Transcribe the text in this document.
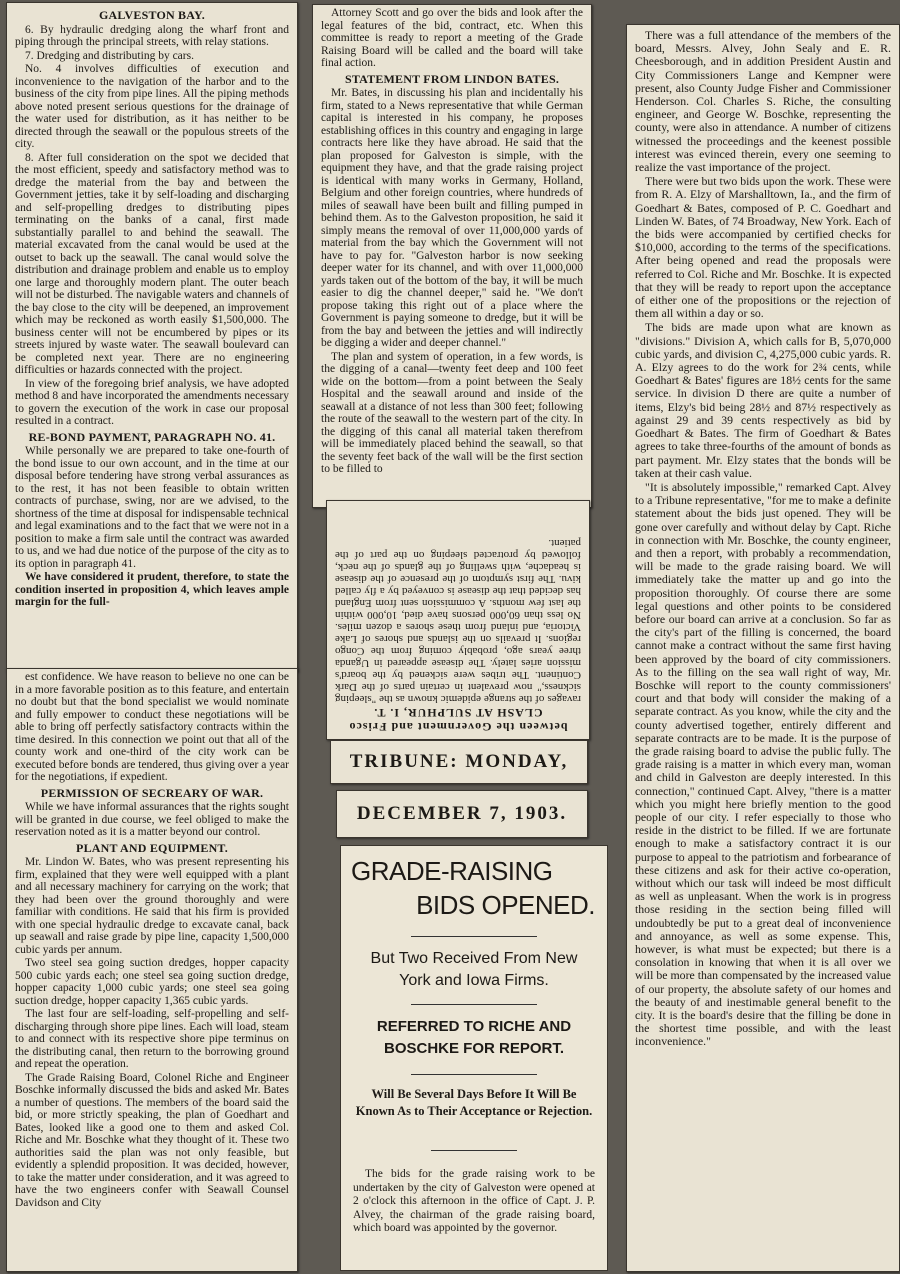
GALVESTON BAY.

6. By hydraulic dredging along the wharf front and piping through the principal streets, with relay stations.

7. Dredging and distributing by cars.

No. 4 involves difficulties of execution and inconvenience to the navigation of the harbor and to the business of the city from pipe lines. All the piping methods above noted present serious questions for the drainage of the water used for distribution, as it has neither to be directed through the seawall or the populous streets of the city.

8. After full consideration on the spot we decided that the most efficient, speedy and satisfactory method was to dredge the material from the bay and between the Government jetties, take it by self-loading and discharging and self-propelling dredges to distributing pipes terminating on the banks of a canal, first made substantially parallel to and behind the seawall. The material excavated from the canal would be used at the outset to back up the seawall. The canal would solve the distribution and drainage problem and enable us to employ one large and thoroughly modern plant. The outer beach will not be disturbed. The navigable waters and channels of the bay close to the city will be deepened, an improvement which may be reckoned as worth easily $1,500,000. The business center will not be encumbered by pipes or its streets injured by waste water. The seawall boulevard can be completed next year. There are no engineering difficulties or hazards connected with the project.

In view of the foregoing brief analysis, we have adopted method 8 and have incorporated the amendments necessary to govern the execution of the work in case our proposal resulted in a contract.

RE-BOND PAYMENT, PARAGRAPH NO. 41.

While personally we are prepared to take one-fourth of the bond issue to our own account, and in the time at our disposal before tendering have strong verbal assurances as to the rest, it has not been feasible to obtain written contracts of purchase, swing, nor are we advised, to the shortness of the time at disposal for indispensable technical and legal examinations and to the fact that we were not in a position to make a firm sale until the contract was awarded to us, and we had due notice of the purpose of the city as to its option in paragraph 41.

We have considered it prudent, therefore, to state the condition inserted in proposition 4, which leaves ample margin for the full-

est confidence. We have reason to believe no one can be in a more favorable position as to this feature, and entertain no doubt but that the bond specialist we would nominate and fully empower to conduct these negotiations will be able to bring off perfectly satisfactory contracts within the time desired. In this connection we point out that all of the county work and one-third of the city work can be executed before bonds are tendered, thus giving over a year for the negotiations, if expedient.

PERMISSION OF SECREARY OF WAR.

While we have informal assurances that the rights sought will be granted in due course, we feel obliged to make the reservation noted as it is a matter beyond our control.

PLANT AND EQUIPMENT.

Mr. Lindon W. Bates, who was present representing his firm, explained that they were well equipped with a plant and all necessary machinery for carrying on the work; that they had been over the ground thoroughly and were familiar with conditions. He said that his firm is provided with one special hydraulic dredge to excavate canal, back up seawall and raise grade by pipe line, capacity 1,500,000 cubic yards per annum.

Two steel sea going suction dredges, hopper capacity 500 cubic yards each; one steel sea going suction dredge, hopper capacity 1,000 cubic yards; one steel sea going suction dredge, hopper capacity 1,365 cubic yards.

The last four are self-loading, self-propelling and self-discharging through shore pipe lines. Each will load, steam to and connect with its respective shore pipe terminus on the distributing canal, then return to the borrowing ground and repeat the operation.

The Grade Raising Board, Colonel Riche and Engineer Boschke informally discussed the bids and asked Mr. Bates a number of questions. The members of the board said the bid, or more strictly speaking, the plan of Goedhart and Bates, looked like a good one to them and asked Col. Riche and Mr. Boschke what they thought of it. These two authorities said the plan was not only feasible, but evidently a splendid proposition. It was decided, however, to take the matter under consideration, and it was agreed to have the two engineers confer with Seawall Counsel Davidson and City

Attorney Scott and go over the bids and look after the legal features of the bid, contract, etc. When this committee is ready to report a meeting of the Grade Raising Board will be called and the board will take final action.

STATEMENT FROM LINDON BATES.

Mr. Bates, in discussing his plan and incidentally his firm, stated to a News representative that while German capital is interested in his company, he proposes establishing offices in this country and engaging in large contracts here like they have abroad. He said that the plan proposed for Galveston is simple, with the equipment they have, and that the grade raising project is identical with many works in Germany, Holland, Belgium and other foreign countries, where hundreds of miles of seawall have been built and filling pumped in behind them. As to the Galveston proposition, he said it simply means the removal of over 11,000,000 yards of material from the bay which the Government will not have to pay for. "Galveston harbor is now seeking deeper water for its channel, and with over 11,000,000 yards taken out of the bottom of the bay, it will be much easier to dig the channel deeper," said he. "We don't propose taking this right out of a place where the Government is paying someone to dredge, but it will be from the bay and between the jetties and will indirectly be digging a wider and deeper channel."

The plan and system of operation, in a few words, is the digging of a canal—twenty feet deep and 100 feet wide on the bottom—from a point between the Sealy Hospital and the seawall around and inside of the seawall at a distance of not less than 300 feet; following the route of the seawall to the western part of the city. In the digging of this canal all material taken therefrom will be immediately placed behind the seawall, so that the seventy feet back of the wall will be the first section to be filled to

between the Government and Frisco
CLASH AT SULPHUR, I. T.

ravages of the strange epidemic known as the "sleeping sickness," now prevalent in certain parts of the Dark Continent. The tribes were sickened by the board's mission aries lately. The disease appeared in Uganda three years ago, probably coming from the Congo regions. It prevails on the islands and shores of Lake Victoria, and inland from these shores a dozen miles. No less than 60,000 persons have died, 10,000 within the last few months. A commission sent from England has decided that the disease is conveyed by a fly called kivu. The first symptom of the presence of the disease is headache, with swelling of the glands of the neck, followed by protracted sleeping on the part of the patient.

TRIBUNE: MONDAY,
DECEMBER 7, 1903.
GRADE-RAISING
BIDS OPENED.
But Two Received From New York and Iowa Firms.
REFERRED TO RICHE AND BOSCHKE FOR REPORT.
Will Be Several Days Before It Will Be Known As to Their Acceptance or Rejection.
The bids for the grade raising work to be undertaken by the city of Galveston were opened at 2 o'clock this afternoon in the office of Capt. J. P. Alvey, the chairman of the grade raising board, which board was appointed by the governor.

There was a full attendance of the members of the board, Messrs. Alvey, John Sealy and E. R. Cheesborough, and in addition President Austin and City Commissioners Lange and Kempner were present, also County Judge Fisher and Commissioner Henderson. Col. Charles S. Riche, the consulting engineer, and George W. Boschke, representing the county, were also in attendance. A number of citizens witnessed the proceedings and the keenest possible interest was evinced therein, every one seeming to realize the vast importance of the project.

There were but two bids upon the work. These were from R. A. Elzy of Marshalltown, Ia., and the firm of Goedhart & Bates, composed of P. C. Goedhart and Linden W. Bates, of 74 Broadway, New York. Each of the bids were accompanied by certified checks for $10,000, according to the terms of the specifications. After being opened and read the proposals were referred to Col. Riche and Mr. Boschke. It is expected that they will be ready to report upon the acceptance of either one of the propositions or the rejection of them all within a day or so.

The bids are made upon what are known as "divisions." Division A, which calls for B, 5,070,000 cubic yards, and division C, 4,275,000 cubic yards. R. A. Elzy agrees to do the work for 2¾ cents, while Goedhart & Bates' figures are 18½ cents for the same service. In division D there are quite a number of items, Elzy's bid being 28½ and 87½ respectively as against 29 and 39 cents respectively as bid by Goedhart & Bates. The firm of Goedhart & Bates agrees to take three-fourths of the amount of bonds as part payment. Mr. Elzy states that the bonds will be taken at their cash value.

"It is absolutely impossible," remarked Capt. Alvey to a Tribune representative, "for me to make a definite statement about the bids just opened. They will be gone over carefully and without delay by Capt. Riche in connection with Mr. Boschke, the county engineer, and then a report, with probably a recommendation, will be made to the grade raising board. We will immediately take the matter up and go into the proposition thoroughly. Of course there are some legal questions and other points to be considered before our board can arrive at a conclusion. So far as the city's part of the filling is concerned, the board cannot make a contract without the same first having been approved by the board of city commissioners. As to the filling on the sea wall right of way, Mr. Boschke will report to the county commissioners' court and that body will consider the making of a separate contract. As you know, while the city and the county advertised together, entirely different and separate contracts are to be made. It is the purpose of the grade raising board to advise the public fully. The grade raising is a matter in which every man, woman and child in Galveston are deeply interested. In this connection," continued Capt. Alvey, "there is a matter which you might here briefly mention to the good people of our city. I refer especially to those who reside in the district to be filled. If we are fortunate enough to make a satisfactory contract it is our purpose to appeal to the patriotism and forbearance of these citizens and ask for their active co-operation, without which our task will indeed be most difficult as well as unpleasant. When the work is in progress those residing in the section being filled will undoubtedly be put to a great deal of inconvenience and annoyance, as well as some expense. This, however, is what must be expected; but there is a consolation in knowing that when it is all over we will be more than compensated by the increased value of our property, the absolute safety of our homes and the beauty of and inestimable general benefit to the city. It is the board's desire that the filling be done in the shortest time possible, and with the least inconvenience."
